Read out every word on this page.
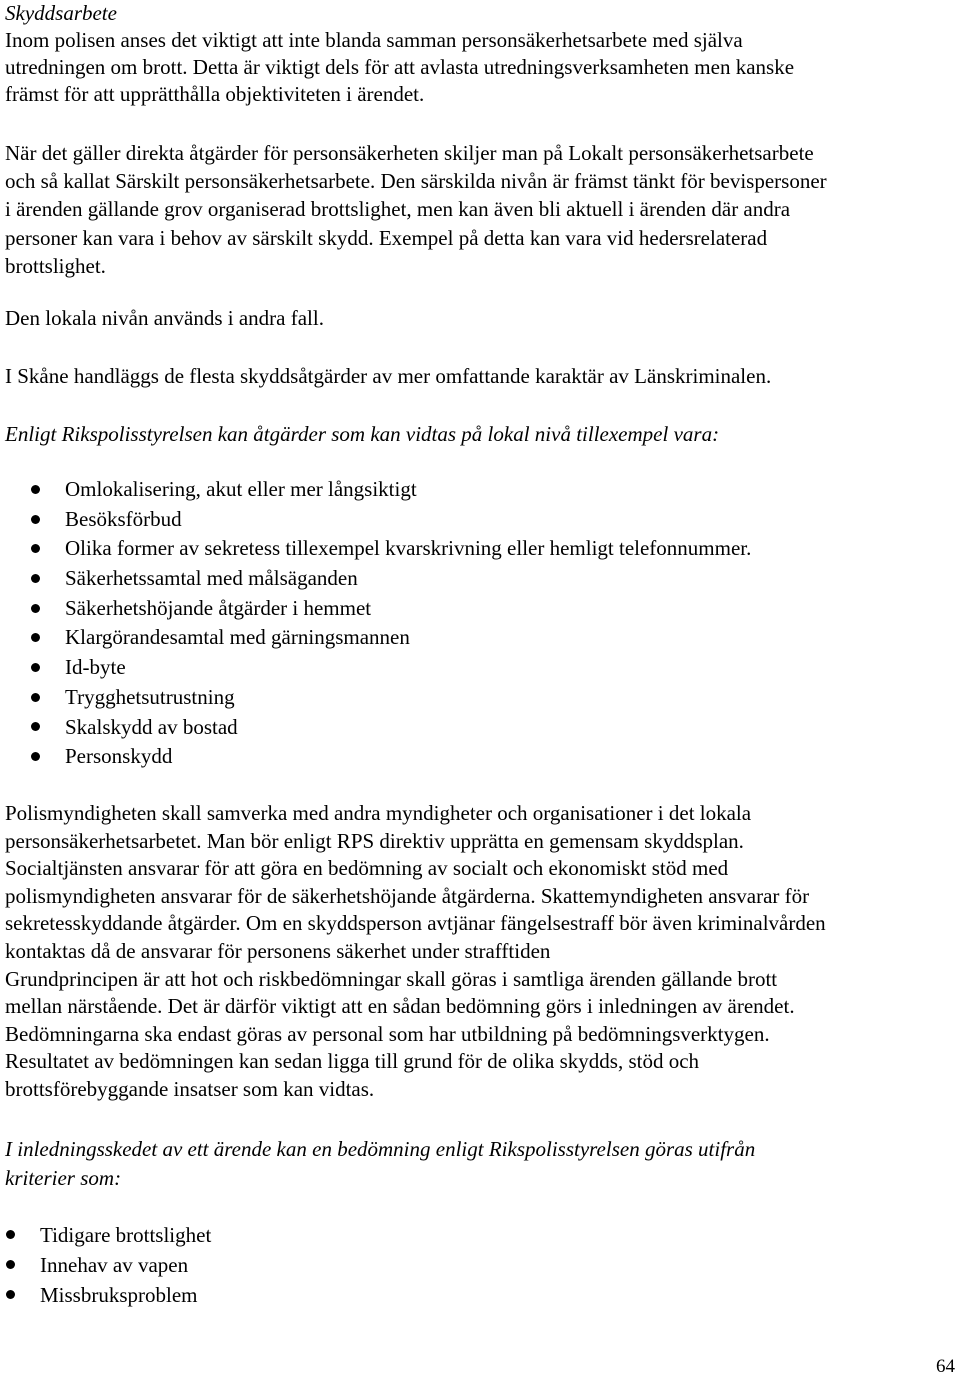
Skyddsarbete
Inom polisen anses det viktigt att inte blanda samman personsäkerhetsarbete med själva
utredningen om brott. Detta är viktigt dels för att avlasta utredningsverksamheten men kanske
främst för att upprätthålla objektiviteten i ärendet.
När det gäller direkta åtgärder för personsäkerheten skiljer man på Lokalt personsäkerhetsarbete
och så kallat Särskilt personsäkerhetsarbete. Den särskilda nivån är främst tänkt för bevispersoner
i ärenden gällande grov organiserad brottslighet, men kan även bli aktuell i ärenden där andra
personer kan vara i behov av särskilt skydd. Exempel på detta kan vara vid hedersrelaterad
brottslighet.

Den lokala nivån används i andra fall.

I Skåne handläggs de flesta skyddsåtgärder av mer omfattande karaktär av Länskriminalen.

Enligt Rikspolisstyrelsen kan åtgärder som kan vidtas på lokal nivå tillexempel vara:

Omlokalisering, akut eller mer långsiktigt
Besöksförbud
Olika former av sekretess tillexempel kvarskrivning eller hemligt telefonnummer.
Säkerhetssamtal med målsäganden
Säkerhetshöjande åtgärder i hemmet
Klargörandesamtal med gärningsmannen
Id-byte
Trygghetsutrustning
Skalskydd av bostad
Personskydd
Polismyndigheten skall samverka med andra myndigheter och organisationer i det lokala
personsäkerhetsarbetet. Man bör enligt RPS direktiv upprätta en gemensam skyddsplan.
Socialtjänsten ansvarar för att göra en bedömning av socialt och ekonomiskt stöd med
polismyndigheten ansvarar för de säkerhetshöjande åtgärderna. Skattemyndigheten ansvarar för
sekretesskyddande åtgärder. Om en skyddsperson avtjänar fängelsestraff bör även kriminalvården
kontaktas då de ansvarar för personens säkerhet under strafftiden
Grundprincipen är att hot och riskbedömningar skall göras i samtliga ärenden gällande brott
mellan närstående. Det är därför viktigt att en sådan bedömning görs i inledningen av ärendet.
Bedömningarna ska endast göras av personal som har utbildning på bedömningsverktygen.
Resultatet av bedömningen kan sedan ligga till grund för de olika skydds, stöd och
brottsförebyggande insatser som kan vidtas.
I inledningsskedet av ett ärende kan en bedömning enligt Rikspolisstyrelsen göras utifrån
kriterier som:
Tidigare brottslighet
Innehav av vapen
Missbruksproblem
64
